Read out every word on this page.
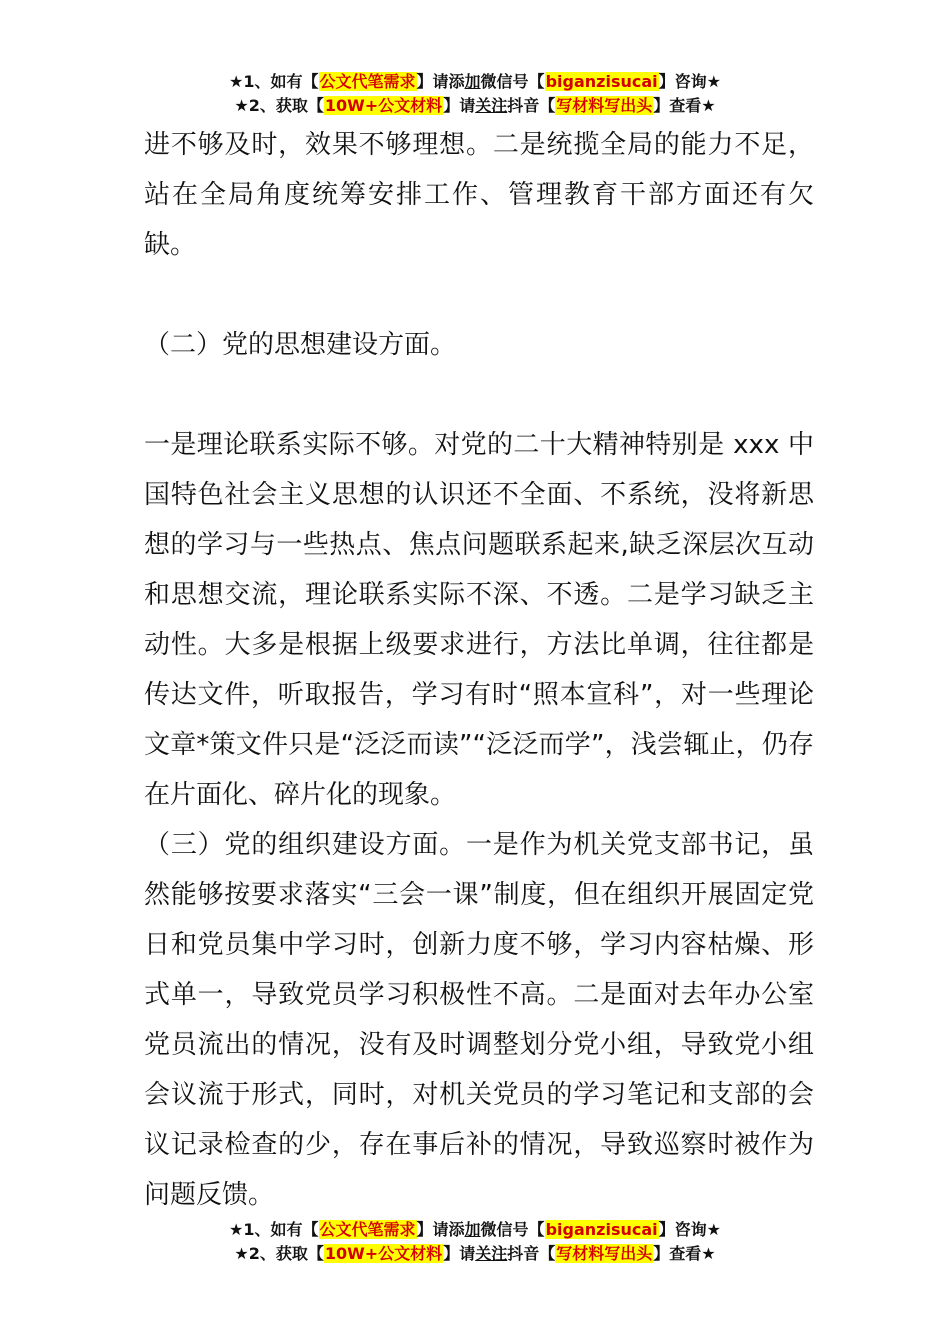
★1、如有【公文代笔需求】请添加微信号【biganzisucai】咨询★
★2、获取【10W+公文材料】请关注抖音【写材料写出头】查看★

进不够及时，效果不够理想。二是统揽全局的能力不足，站在全局角度统筹安排工作、管理教育干部方面还有欠缺。

（二）党的思想建设方面。

一是理论联系实际不够。对党的二十大精神特别是 xxx 中国特色社会主义思想的认识还不全面、不系统，没将新思想的学习与一些热点、焦点问题联系起来,缺乏深层次互动和思想交流，理论联系实际不深、不透。二是学习缺乏主动性。大多是根据上级要求进行，方法比单调，往往都是传达文件，听取报告，学习有时“照本宣科”，对一些理论文章*策文件只是“泛泛而读”“泛泛而学”，浅尝辄止，仍存在片面化、碎片化的现象。

（三）党的组织建设方面。一是作为机关党支部书记，虽然能够按要求落实“三会一课”制度，但在组织开展固定党日和党员集中学习时，创新力度不够，学习内容枯燥、形式单一，导致党员学习积极性不高。二是面对去年办公室党员流出的情况，没有及时调整划分党小组，导致党小组会议流于形式，同时，对机关党员的学习笔记和支部的会议记录检查的少，存在事后补的情况，导致巡察时被作为问题反馈。

★1、如有【公文代笔需求】请添加微信号【biganzisucai】咨询★
★2、获取【10W+公文材料】请关注抖音【写材料写出头】查看★
